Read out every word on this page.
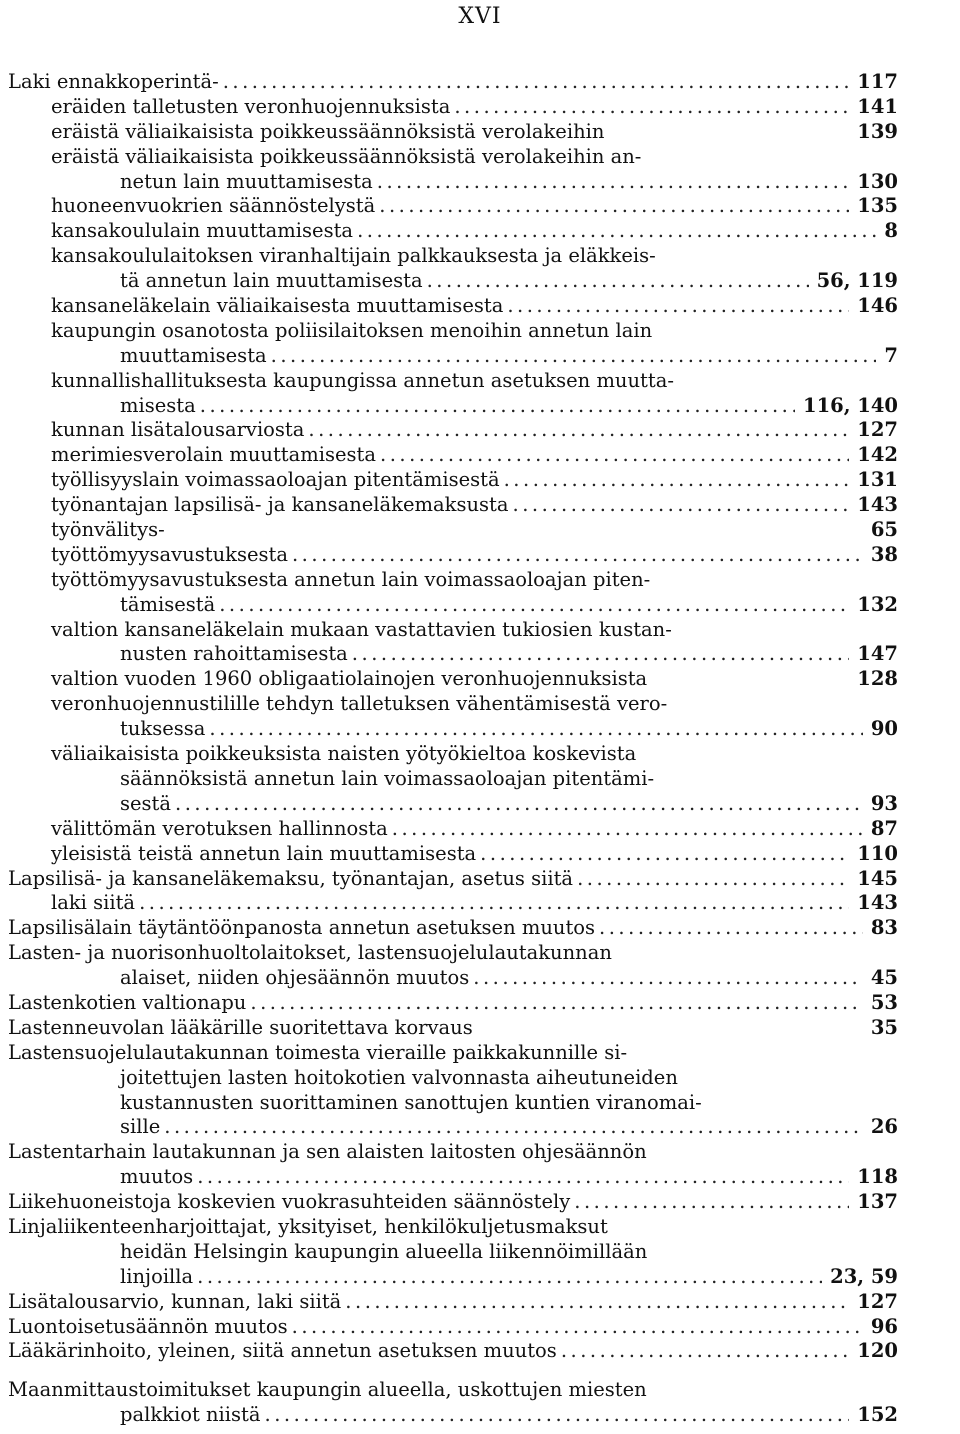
XVI
Laki ennakkoperintä- .....	117
eräiden talletusten veronhuojennuksista .....	141
eräistä väliaikaisista poikkeussäännöksistä verolakeihin	139
eräistä väliaikaisista poikkeussäännöksistä verolakeihin an-
netun lain muuttamisesta .....	130
huoneenvuokrien säännöstelystä .....	135
kansakoululain muuttamisesta .....	8
kansakoululaitoksen viranhaltijain palkkauksesta ja eläkkeis-
tä annetun lain muuttamisesta .....	56, 119
kansaneläkelain väliaikaisesta muuttamisesta .....	146
kaupungin osanotosta poliisilaitoksen menoihin annetun lain
muuttamisesta .....	7
kunnallishallituksesta kaupungissa annetun asetuksen muutta-
misesta .....	116, 140
kunnan lisätalousarviosta .....	127
merimiesverolain muuttamisesta .....	142
työllisyyslain voimassaoloajan pitentämisestä .....	131
työnantajan lapsilisä- ja kansaneläkemaksusta .....	143
työnvälitys-	65
työttömyysavustuksesta .....	38
työttömyysavustuksesta annetun lain voimassaoloajan piten-
tämisestä .....	132
valtion kansaneläkelain mukaan vastattavien tukiosien kustan-
nusten rahoittamisesta .....	147
valtion vuoden 1960 obligaatiolainojen veronhuojennuksista	128
veronhuojennustilille tehdyn talletuksen vähentämisestä vero-
tuksessa .....	90
väliaikaisista poikkeuksista naisten yötyökieltoa koskevista
säännöksistä annetun lain voimassaoloajan pitentämi-
sestä .....	93
välittömän verotuksen hallinnosta .....	87
yleisistä teistä annetun lain muuttamisesta .....	110
Lapsilisä- ja kansaneläkemaksu, työnantajan, asetus siitä .....	145
laki siitä .....	143
Lapsilisälain täytäntöönpanosta annetun asetuksen muutos .....	83
Lasten- ja nuorisonhuoltolaitokset, lastensuojelulautakunnan
alaiset, niiden ohjesäännön muutos .....	45
Lastenkotien valtionapu .....	53
Lastenneuvolan lääkärille suoritettava korvaus	35
Lastensuojelulautakunnan toimesta vieraille paikkakunnille si-
joitettujen lasten hoitokotien valvonnasta aiheutuneiden
kustannusten suorittaminen sanottujen kuntien viranomai-
sille .....	26
Lastentarhain lautakunnan ja sen alaisten laitosten ohjesäännön
muutos .....	118
Liikehuoneistoja koskevien vuokrasuhteiden säännöstely .....	137
Linjaliikenteenharjoittajat, yksityiset, henkilökuljetusmaksut
heidän Helsingin kaupungin alueella liikennöimillään
linjoilla .....	23, 59
Lisätalousarvio, kunnan, laki siitä .....	127
Luontoisetusäännön muutos .....	96
Lääkärinhoito, yleinen, siitä annetun asetuksen muutos .....	120
Maanmittaustoimitukset kaupungin alueella, uskottujen miesten
palkkiot niistä .....	152
